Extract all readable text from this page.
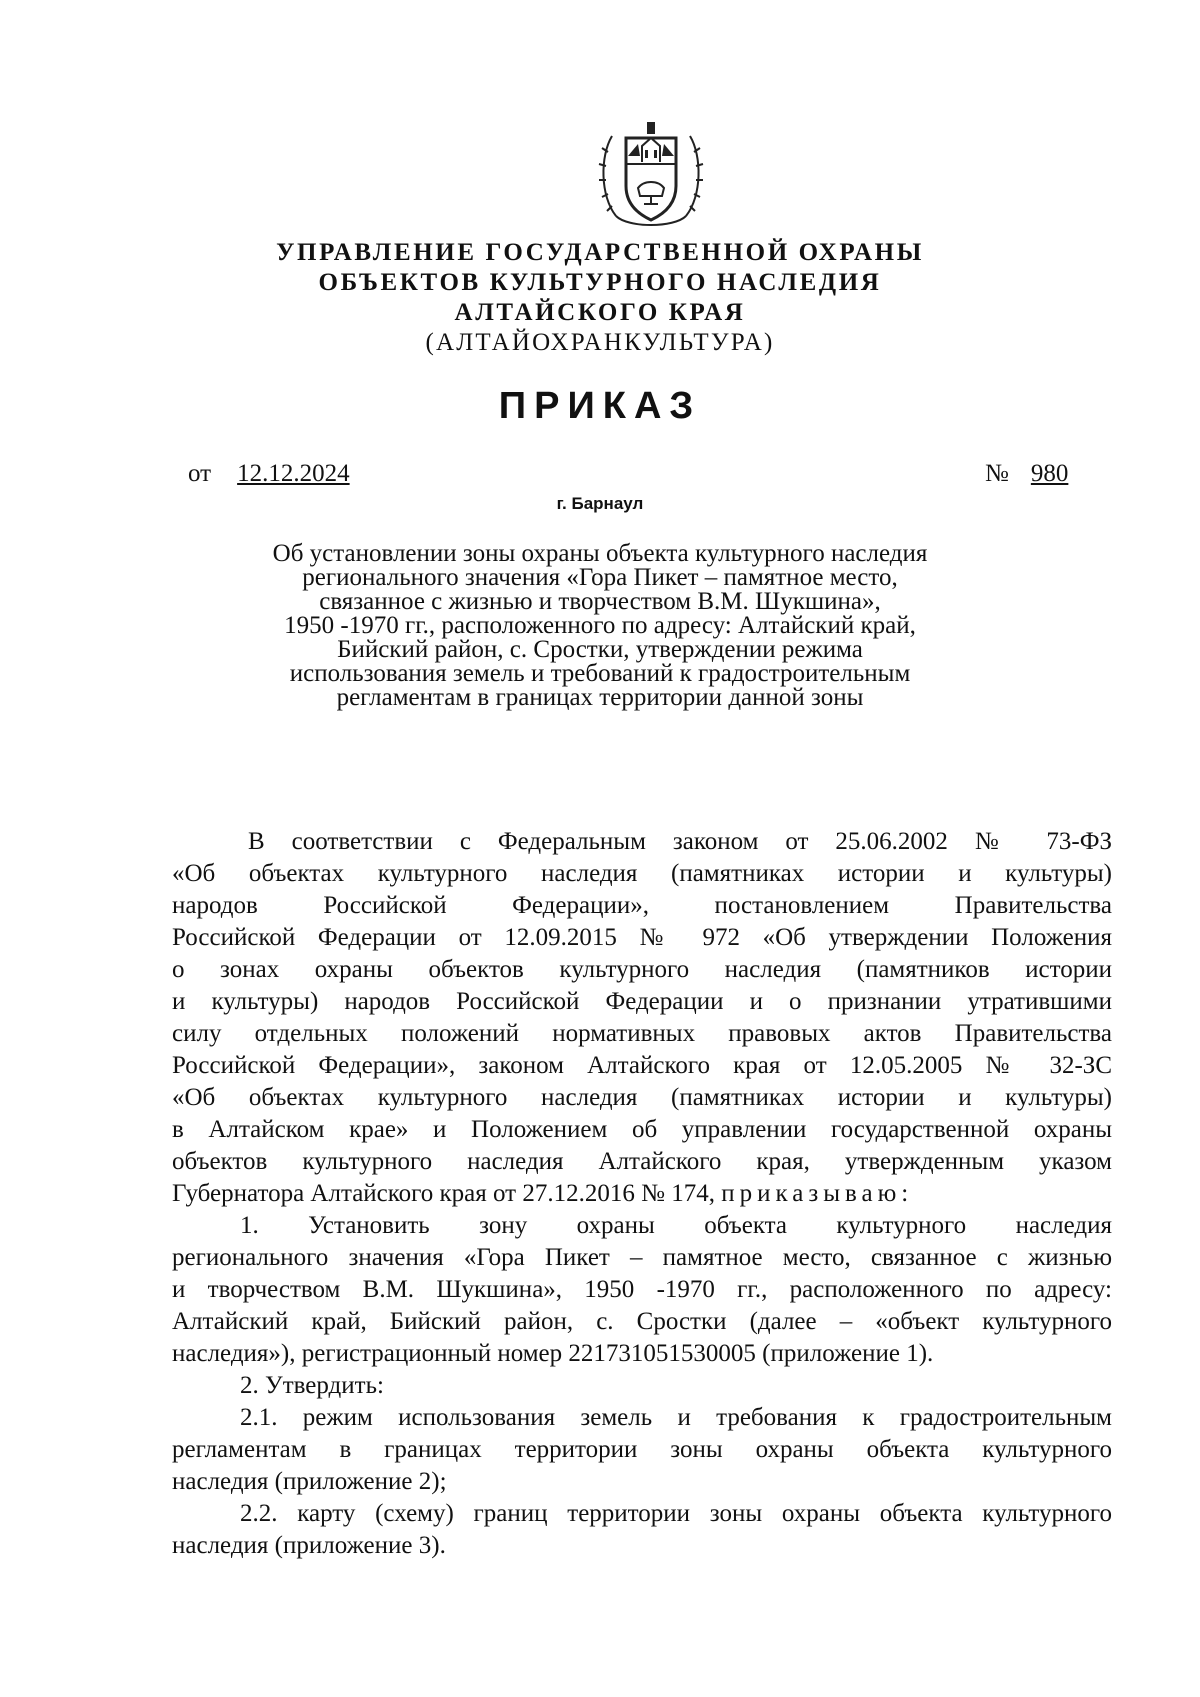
УПРАВЛЕНИЕ ГОСУДАРСТВЕННОЙ ОХРАНЫ
ОБЪЕКТОВ КУЛЬТУРНОГО НАСЛЕДИЯ
АЛТАЙСКОГО КРАЯ
(АЛТАЙОХРАНКУЛЬТУРА)
ПРИКАЗ
от 12.12.2024	№ 980
г. Барнаул
Об установлении зоны охраны объекта культурного наследия
регионального значения «Гора Пикет – памятное место,
связанное с жизнью и творчеством В.М. Шукшина»,
1950 -1970 гг., расположенного по адресу: Алтайский край,
Бийский район, с. Сростки, утверждении режима
использования земель и требований к градостроительным
регламентам в границах территории данной зоны
В соответствии с Федеральным законом от 25.06.2002 № 73-ФЗ
«Об объектах культурного наследия (памятниках истории и культуры)
народов Российской Федерации», постановлением Правительства
Российской Федерации от 12.09.2015 № 972 «Об утверждении Положения
о зонах охраны объектов культурного наследия (памятников истории
и культуры) народов Российской Федерации и о признании утратившими
силу отдельных положений нормативных правовых актов Правительства
Российской Федерации», законом Алтайского края от 12.05.2005 № 32-ЗС
«Об объектах культурного наследия (памятниках истории и культуры)
в Алтайском крае» и Положением об управлении государственной охраны
объектов культурного наследия Алтайского края, утвержденным указом
Губернатора Алтайского края от 27.12.2016 № 174, приказываю:
1. Установить зону охраны объекта культурного наследия
регионального значения «Гора Пикет – памятное место, связанное с жизнью
и творчеством В.М. Шукшина», 1950 -1970 гг., расположенного по адресу:
Алтайский край, Бийский район, с. Сростки (далее – «объект культурного
наследия»), регистрационный номер 221731051530005 (приложение 1).
2. Утвердить:
2.1. режим использования земель и требования к градостроительным
регламентам в границах территории зоны охраны объекта культурного
наследия (приложение 2);
2.2. карту (схему) границ территории зоны охраны объекта культурного
наследия (приложение 3).
